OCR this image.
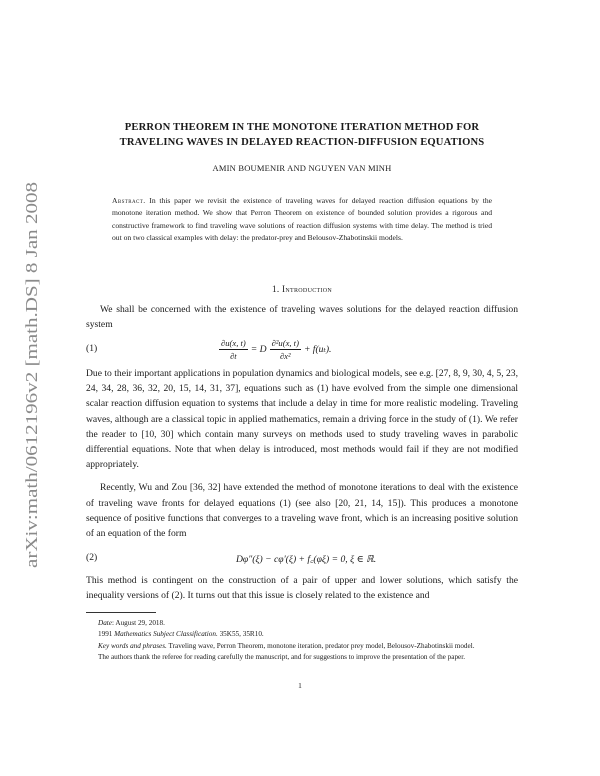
arXiv:math/0612196v2 [math.DS] 8 Jan 2008
PERRON THEOREM IN THE MONOTONE ITERATION METHOD FOR
TRAVELING WAVES IN DELAYED REACTION-DIFFUSION EQUATIONS
AMIN BOUMENIR AND NGUYEN VAN MINH
Abstract. In this paper we revisit the existence of traveling waves for delayed reaction diffusion equations by the monotone iteration method. We show that Perron Theorem on existence of bounded solution provides a rigorous and constructive framework to find traveling wave solutions of reaction diffusion systems with time delay. The method is tried out on two classical examples with delay: the predator-prey and Belousov-Zhabotinskii models.
1. Introduction
We shall be concerned with the existence of traveling waves solutions for the delayed reaction diffusion system
(1)	$\frac{\partial u(x, t)}{\partial t} = D \frac{\text{∂²u(x, t)}}{\text{∂x²}} + f(u_t)$.
Due to their important applications in population dynamics and biological models, see e.g. [27, 8, 9, 30, 4, 5, 23, 24, 34, 28, 36, 32, 20, 15, 14, 31, 37], equations such as (1) have evolved from the simple one dimensional scalar reaction diffusion equation to systems that include a delay in time for more realistic modeling. Traveling waves, although are a classical topic in applied mathematics, remain a driving force in the study of (1). We refer the reader to [10, 30] which contain many surveys on methods used to study traveling waves in parabolic differential equations. Note that when delay is introduced, most methods would fail if they are not modified appropriately.
Recently, Wu and Zou [36, 32] have extended the method of monotone iterations to deal with the existence of traveling wave fronts for delayed equations (1) (see also [20, 21, 14, 15]). This produces a monotone sequence of positive functions that converges to a traveling wave front, which is an increasing positive solution of an equation of the form
(2)	Dφ″(ξ) − cφ′(ξ) + f꜀(φξ) = 0, ξ ∈ ℝ.
This method is contingent on the construction of a pair of upper and lower solutions, which satisfy the inequality versions of (2). It turns out that this issue is closely related to the existence and

Date: August 29, 2018.

1991 Mathematics Subject Classification. 35K55, 35R10.

Key words and phrases. Traveling wave, Perron Theorem, monotone iteration, predator prey model, Belousov-Zhabotinskii model.

The authors thank the referee for reading carefully the manuscript, and for suggestions to improve the presentation of the paper.

1
